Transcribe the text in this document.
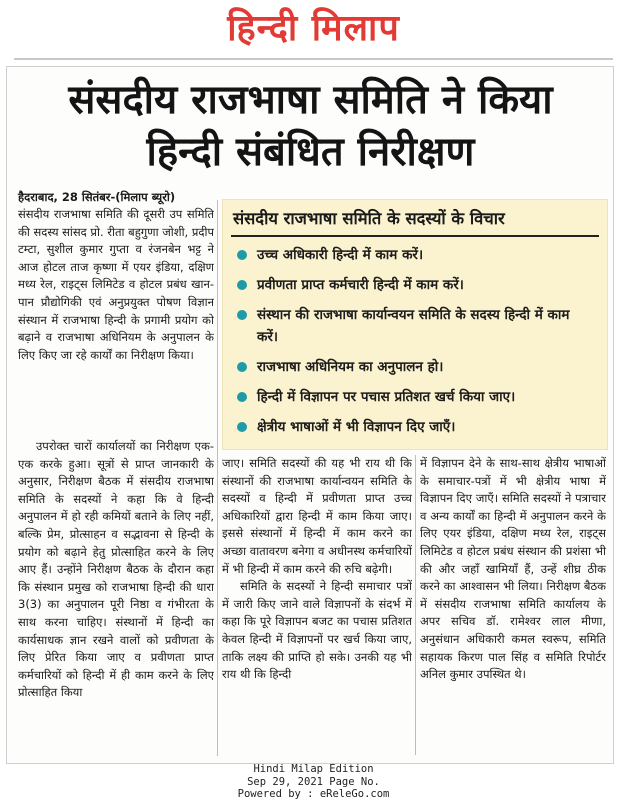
हिन्दी मिलाप
संसदीय राजभाषा समिति ने किया
हिन्दी संबंधित निरीक्षण
हैदराबाद, 28 सितंबर-(मिलाप ब्यूरो)
संसदीय राजभाषा समिति की दूसरी उप समिति की सदस्य सांसद प्रो. रीता बहुगुणा जोशी, प्रदीप टम्टा, सुशील कुमार गुप्ता व रंजनबेन भट्ट ने आज होटल ताज कृष्णा में एयर इंडिया, दक्षिण मध्य रेल, राइट्स लिमिटेड व होटल प्रबंध खान-पान प्रौद्योगिकी एवं अनुप्रयुक्त पोषण विज्ञान संस्थान में राजभाषा हिन्दी के प्रगामी प्रयोग को बढ़ाने व राजभाषा अधिनियम के अनुपालन के लिए किए जा रहे कार्यों का निरीक्षण किया।
उपरोक्त चारों कार्यालयों का निरीक्षण एक-एक करके हुआ। सूत्रों से प्राप्त जानकारी के अनुसार, निरीक्षण बैठक में संसदीय राजभाषा समिति के सदस्यों ने कहा कि वे हिन्दी अनुपालन में हो रही कमियों बताने के लिए नहीं, बल्कि प्रेम, प्रोत्साहन व सद्भावना से हिन्दी के प्रयोग को बढ़ाने हेतु प्रोत्साहित करने के लिए आए हैं। उन्होंने निरीक्षण बैठक के दौरान कहा कि संस्थान प्रमुख को राजभाषा हिन्दी की धारा 3(3) का अनुपालन पूरी निष्ठा व गंभीरता के साथ करना चाहिए। संस्थानों में हिन्दी का कार्यसाधक ज्ञान रखने वालों को प्रवीणता के लिए प्रेरित किया जाए व प्रवीणता प्राप्त कर्मचारियों को हिन्दी में ही काम करने के लिए प्रोत्साहित किया
संसदीय राजभाषा समिति के सदस्यों के विचार
उच्च अधिकारी हिन्दी में काम करें।
प्रवीणता प्राप्त कर्मचारी हिन्दी में काम करें।
संस्थान की राजभाषा कार्यान्वयन समिति के सदस्य हिन्दी में काम करें।
राजभाषा अधिनियम का अनुपालन हो।
हिन्दी में विज्ञापन पर पचास प्रतिशत खर्च किया जाए।
क्षेत्रीय भाषाओं में भी विज्ञापन दिए जाएँ।
जाए। समिति सदस्यों की यह भी राय थी कि संस्थानों की राजभाषा कार्यान्वयन समिति के सदस्यों व हिन्दी में प्रवीणता प्राप्त उच्च अधिकारियों द्वारा हिन्दी में काम किया जाए। इससे संस्थानों में हिन्दी में काम करने का अच्छा वातावरण बनेगा व अधीनस्थ कर्मचारियों में भी हिन्दी में काम करने की रुचि बढ़ेगी।
समिति के सदस्यों ने हिन्दी समाचार पत्रों में जारी किए जाने वाले विज्ञापनों के संदर्भ में कहा कि पूरे विज्ञापन बजट का पचास प्रतिशत केवल हिन्दी में विज्ञापनों पर खर्च किया जाए, ताकि लक्ष्य की प्राप्ति हो सके। उनकी यह भी राय थी कि हिन्दी
में विज्ञापन देने के साथ-साथ क्षेत्रीय भाषाओं के समाचार-पत्रों में भी क्षेत्रीय भाषा में विज्ञापन दिए जाएँ। समिति सदस्यों ने पत्राचार व अन्य कार्यों का हिन्दी में अनुपालन करने के लिए एयर इंडिया, दक्षिण मध्य रेल, राइट्स लिमिटेड व होटल प्रबंध संस्थान की प्रशंसा भी की और जहाँ खामियाँ हैं, उन्हें शीघ्र ठीक करने का आश्वासन भी लिया। निरीक्षण बैठक में संसदीय राजभाषा समिति कार्यालय के अपर सचिव डॉ. रामेश्वर लाल मीणा, अनुसंधान अधिकारी कमल स्वरूप, समिति सहायक किरण पाल सिंह व समिति रिपोर्टर अनिल कुमार उपस्थित थे।
Hindi Milap Edition
Sep 29, 2021 Page No.
Powered by : eReleGo.com
